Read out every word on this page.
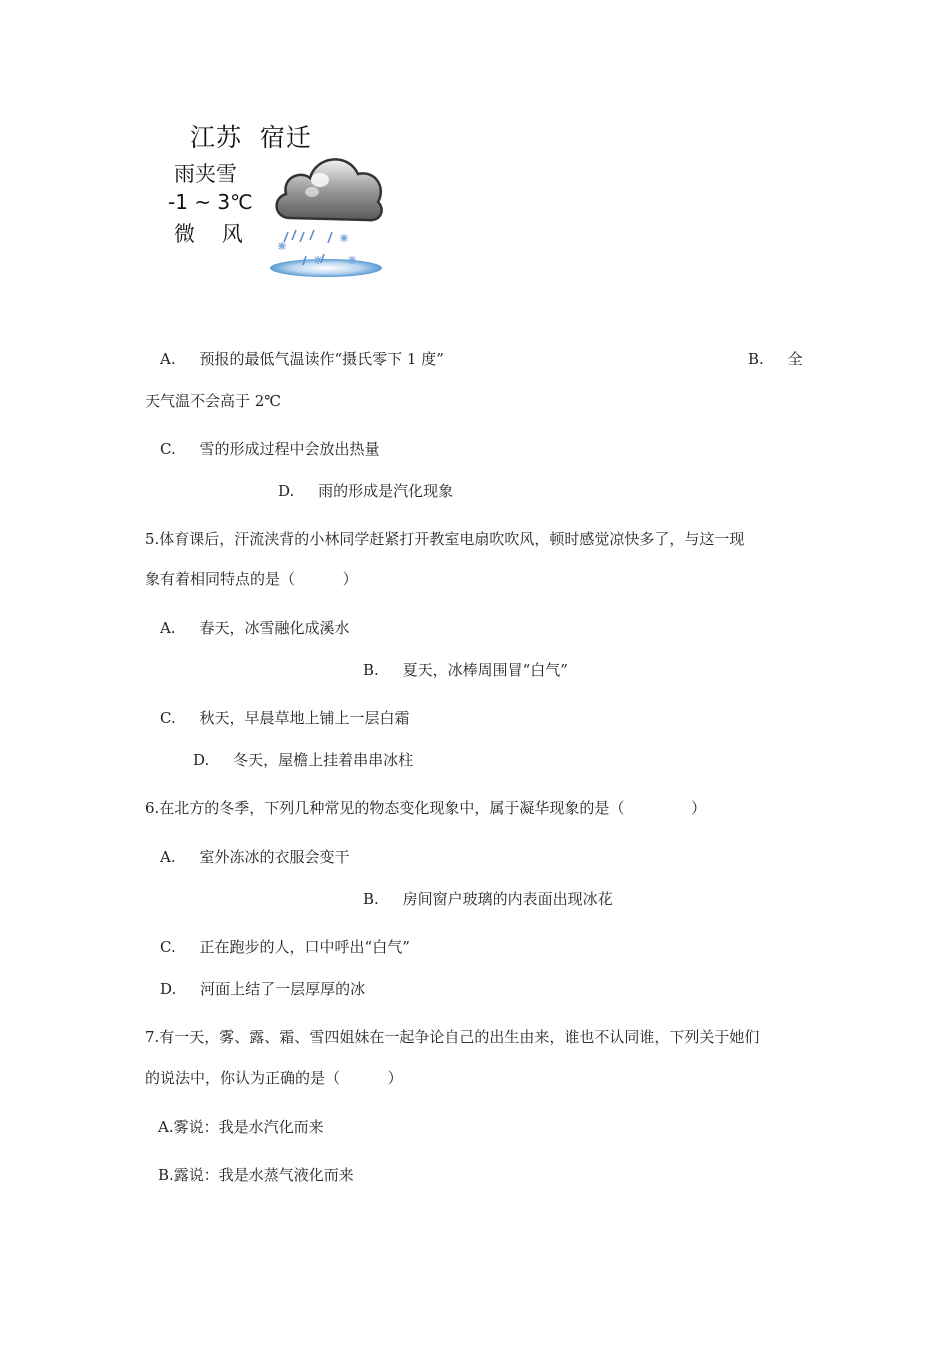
江苏  宿迁
雨夹雪
-1 ~ 3℃
微    风
A.     预报的最低气温读作“摄氏零下 1 度”	B.     全
天气温不会高于 2℃
C.     雪的形成过程中会放出热量
D.     雨的形成是汽化现象
5.体育课后，汗流浃背的小林同学赶紧打开教室电扇吹吹风，顿时感觉凉快多了，与这一现
象有着相同特点的是（          ）
A.     春天，冰雪融化成溪水
B.     夏天，冰棒周围冒“白气”
C.     秋天，早晨草地上铺上一层白霜
D.     冬天，屋檐上挂着串串冰柱
6.在北方的冬季，下列几种常见的物态变化现象中，属于凝华现象的是（              ）
A.     室外冻冰的衣服会变干
B.     房间窗户玻璃的内表面出现冰花
C.     正在跑步的人，口中呼出“白气”
D.     河面上结了一层厚厚的冰
7.有一天，雾、露、霜、雪四姐妹在一起争论自己的出生由来，谁也不认同谁，下列关于她们
的说法中，你认为正确的是（          ）
A.雾说：我是水汽化而来
B.露说：我是水蒸气液化而来
